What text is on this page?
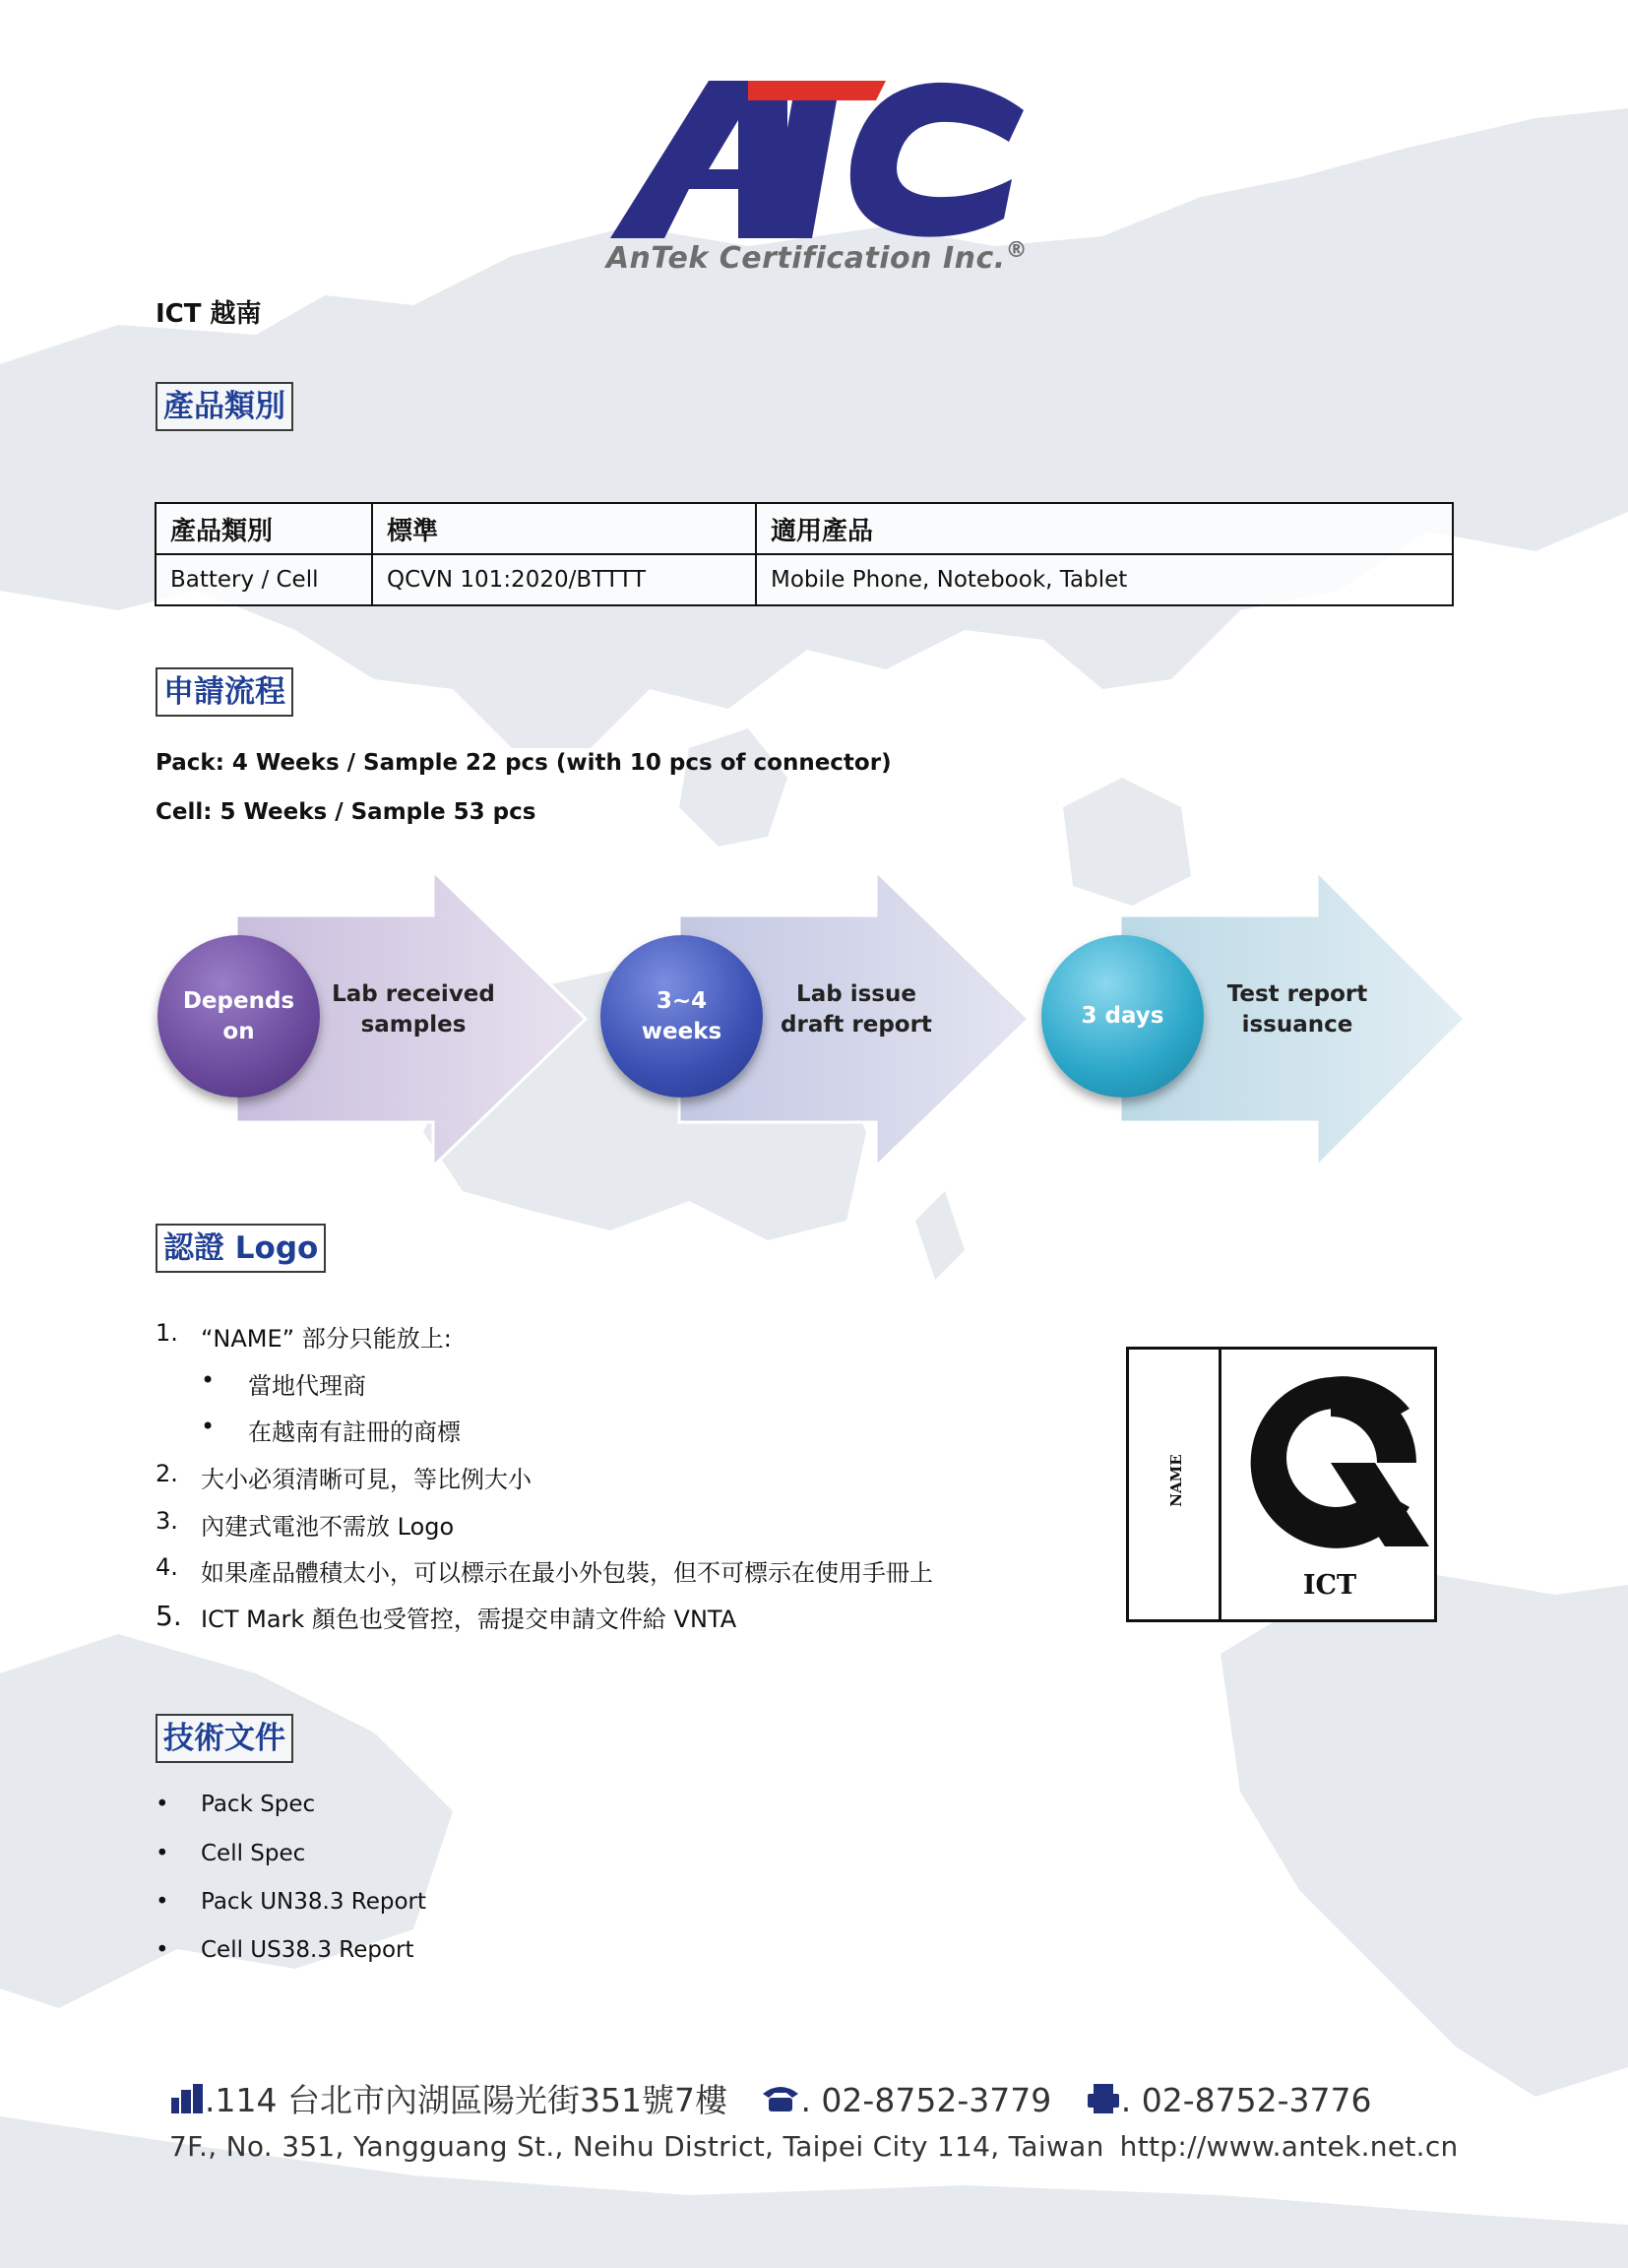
AnTek Certification Inc.®
ICT 越南
產品類別
產品類別	標準	適用產品
Battery / Cell	QCVN 101:2020/BTTTT	Mobile Phone, Notebook, Tablet
申請流程
Pack: 4 Weeks / Sample 22 pcs (with 10 pcs of connector)
Cell: 5 Weeks / Sample 53 pcs
Depends
on
Lab received
samples
3~4
weeks
Lab issue
draft report	3 days
Test report
issuance
認證 Logo
1. “NAME” 部分只能放上:
• 當地代理商
• 在越南有註冊的商標
2. 大小必須清晰可見，等比例大小
3. 內建式電池不需放 Logo
4. 如果產品體積太小，可以標示在最小外包裝，但不可標示在使用手冊上
5. ICT Mark 顏色也受管控，需提交申請文件給 VNTA
NAME
ICT
技術文件
• Pack Spec
• Cell Spec
• Pack UN38.3 Report
• Cell US38.3 Report
.114 台北市內湖區陽光街351號7樓 . 02-8752-3779 . 02-8752-3776
7F., No. 351, Yangguang St., Neihu District, Taipei City 114, Taiwan http://www.antek.net.cn
